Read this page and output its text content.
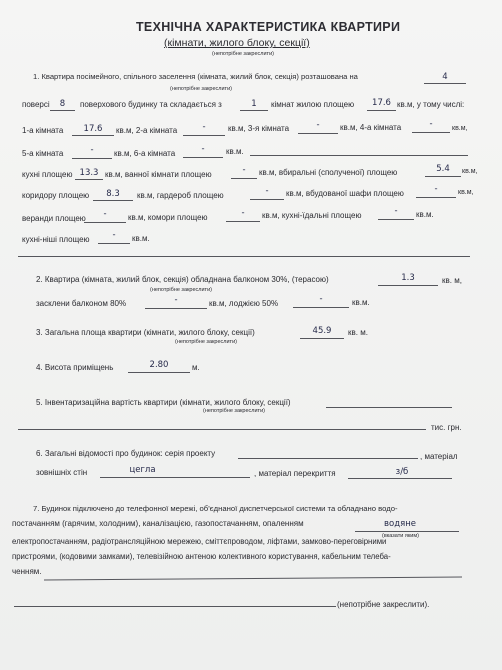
ТЕХНІЧНА ХАРАКТЕРИСТИКА КВАРТИРИ
(кімнати, жилого блоку, секції)
(непотрібне закреслити)
1. Квартира посімейного, спільного заселення (кімната, жилий блок, секція) розташована на	4
(непотрібне закреслити)
поверсі	8	поверхового будинку та складається з	1	кімнат жилою площею	17.6 кв.м, у тому числі:
1-а кімната	17.6	кв.м, 2-а кімната	-	кв.м, 3-я кімната	-	кв.м, 4-а кімната	-	кв.м,
5-а кімната	-	кв.м, 6-а кімната	-	кв.м.
кухні площею 13.3 кв.м, ванної кімнати площею	-	кв.м, вбиральні (сполученої) площею	5.4	кв.м,
коридору площею	8.3	кв.м, гардероб площею	-	кв.м, вбудованої шафи площею	-	кв.м,
веранди площею	-	кв.м, комори площею	-	кв.м, кухні-їдальні площею	-	кв.м.
кухні-ніші площею	-	кв.м.
2. Квартира (кімната, жилий блок, секція) обладнана балконом 30%, (терасою)	1.3	кв. м,
(непотрібне закреслити)
засклени балконом 80%	-	кв.м, лоджією 50%	-	кв.м.
3. Загальна площа квартири (кімнати, жилого блоку, секції)	45.9	кв. м.
(непотрібне закреслити)
4. Висота приміщень	2.80	м.
5. Інвентаризаційна вартість квартири (кімнати, жилого блоку, секції)
(непотрібне закреслити)
тис. грн.
6. Загальні відомості про будинок: серія проекту	, матеріал
зовнішніх стін	цегла	, матеріал перекриття	з/б
7. Будинок підключено до телефонної мережі, об'єднаної диспетчерської системи та обладнано водо-
постачанням (гарячим, холодним), каналізацією, газопостачанням, опаленням	водяне
(вказати яким)
електропостачанням, радіотрансляційною мережею, сміттєпроводом, ліфтами, замково-переговірними
пристроями, (кодовими замками), телевізійною антеною колективного користування, кабельним телеба-
ченням.
(непотрібне закреслити).
